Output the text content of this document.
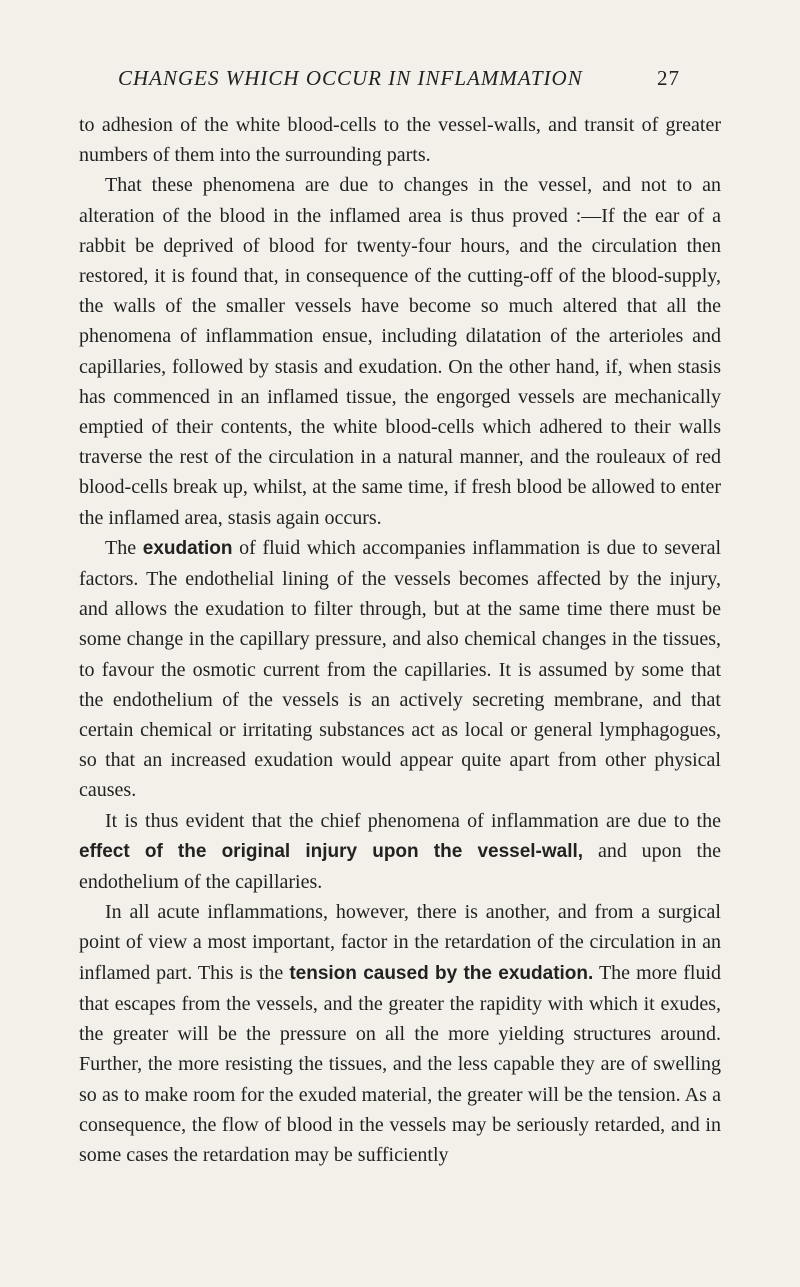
CHANGES WHICH OCCUR IN INFLAMMATION	27

to adhesion of the white blood-cells to the vessel-walls, and transit of greater numbers of them into the surrounding parts.

That these phenomena are due to changes in the vessel, and not to an alteration of the blood in the inflamed area is thus proved :—If the ear of a rabbit be deprived of blood for twenty-four hours, and the circulation then restored, it is found that, in consequence of the cutting-off of the blood-supply, the walls of the smaller vessels have become so much altered that all the phenomena of inflammation ensue, including dilatation of the arterioles and capillaries, followed by stasis and exudation. On the other hand, if, when stasis has commenced in an inflamed tissue, the engorged vessels are mechanically emptied of their contents, the white blood-cells which adhered to their walls traverse the rest of the circulation in a natural manner, and the rouleaux of red blood-cells break up, whilst, at the same time, if fresh blood be allowed to enter the inflamed area, stasis again occurs.

The exudation of fluid which accompanies inflammation is due to several factors. The endothelial lining of the vessels becomes affected by the injury, and allows the exudation to filter through, but at the same time there must be some change in the capillary pressure, and also chemical changes in the tissues, to favour the osmotic current from the capillaries. It is assumed by some that the endothelium of the vessels is an actively secreting membrane, and that certain chemical or irritating substances act as local or general lymphagogues, so that an increased exudation would appear quite apart from other physical causes.

It is thus evident that the chief phenomena of inflammation are due to the effect of the original injury upon the vessel-wall, and upon the endothelium of the capillaries.

In all acute inflammations, however, there is another, and from a surgical point of view a most important, factor in the retardation of the circulation in an inflamed part. This is the tension caused by the exudation. The more fluid that escapes from the vessels, and the greater the rapidity with which it exudes, the greater will be the pressure on all the more yielding structures around. Further, the more resisting the tissues, and the less capable they are of swelling so as to make room for the exuded material, the greater will be the tension. As a consequence, the flow of blood in the vessels may be seriously retarded, and in some cases the retardation may be sufficiently
